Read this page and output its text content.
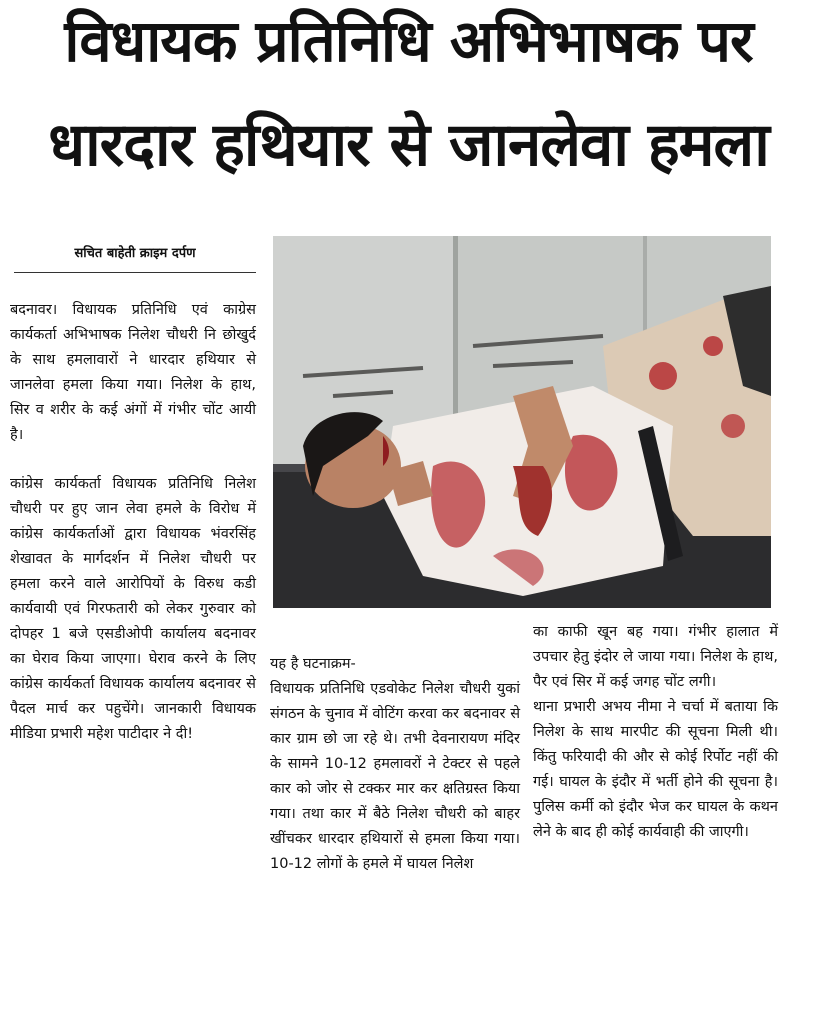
विधायक प्रतिनिधि अभिभाषक पर
धारदार हथियार से जानलेवा हमला
सचित बाहेती क्राइम दर्पण

बदनावर। विधायक प्रतिनिधि एवं काग्रेस कार्यकर्ता अभिभाषक निलेश चौधरी नि छोखुर्द के साथ हमलावारों ने धारदार हथियार से जानलेवा हमला किया गया। निलेश के हाथ, सिर व शरीर के कई अंगों में गंभीर चोंट आयी है।

कांग्रेस कार्यकर्ता विधायक प्रतिनिधि निलेश चौधरी पर हुए जान लेवा हमले के विरोध में कांग्रेस कार्यकर्ताओं द्वारा विधायक भंवरसिंह शेखावत के मार्गदर्शन में निलेश चौधरी पर हमला करने वाले आरोपियों के विरुध कडी कार्यवायी एवं गिरफतारी को लेकर गुरुवार को दोपहर 1 बजे एसडीओपी कार्यालय बदनावर का घेराव किया जाएगा। घेराव करने के लिए कांग्रेस कार्यकर्ता विधायक कार्यालय बदनावर से पैदल मार्च कर पहुचेंगे। जानकारी विधायक मीडिया प्रभारी महेश पाटीदार ने दी!

यह है घटनाक्रम-

विधायक प्रतिनिधि एडवोकेट निलेश चौधरी युकां संगठन के चुनाव में वोटिंग करवा कर बदनावर से कार ग्राम छो जा रहे थे। तभी देवनारायण मंदिर के सामने 10-12 हमलावरों ने टेक्टर से पहले कार को जोर से टक्कर मार कर क्षतिग्रस्त किया गया। तथा कार में बैठे निलेश चौधरी को बाहर खींचकर धारदार हथियारों से हमला किया गया। 10-12 लोगों के हमले में घायल निलेश

का काफी खून बह गया। गंभीर हालात में उपचार हेतु इंदोर ले जाया गया। निलेश के हाथ, पैर एवं सिर में कई जगह चोंट लगी।

थाना प्रभारी अभय नीमा ने चर्चा में बताया कि निलेश के साथ मारपीट की सूचना मिली थी। किंतु फरियादी की और से कोई रिर्पोट नहीं की गई। घायल के इंदौर में भर्ती होने की सूचना है। पुलिस कर्मी को इंदौर भेज कर घायल के कथन लेने के बाद ही कोई कार्यवाही की जाएगी।
